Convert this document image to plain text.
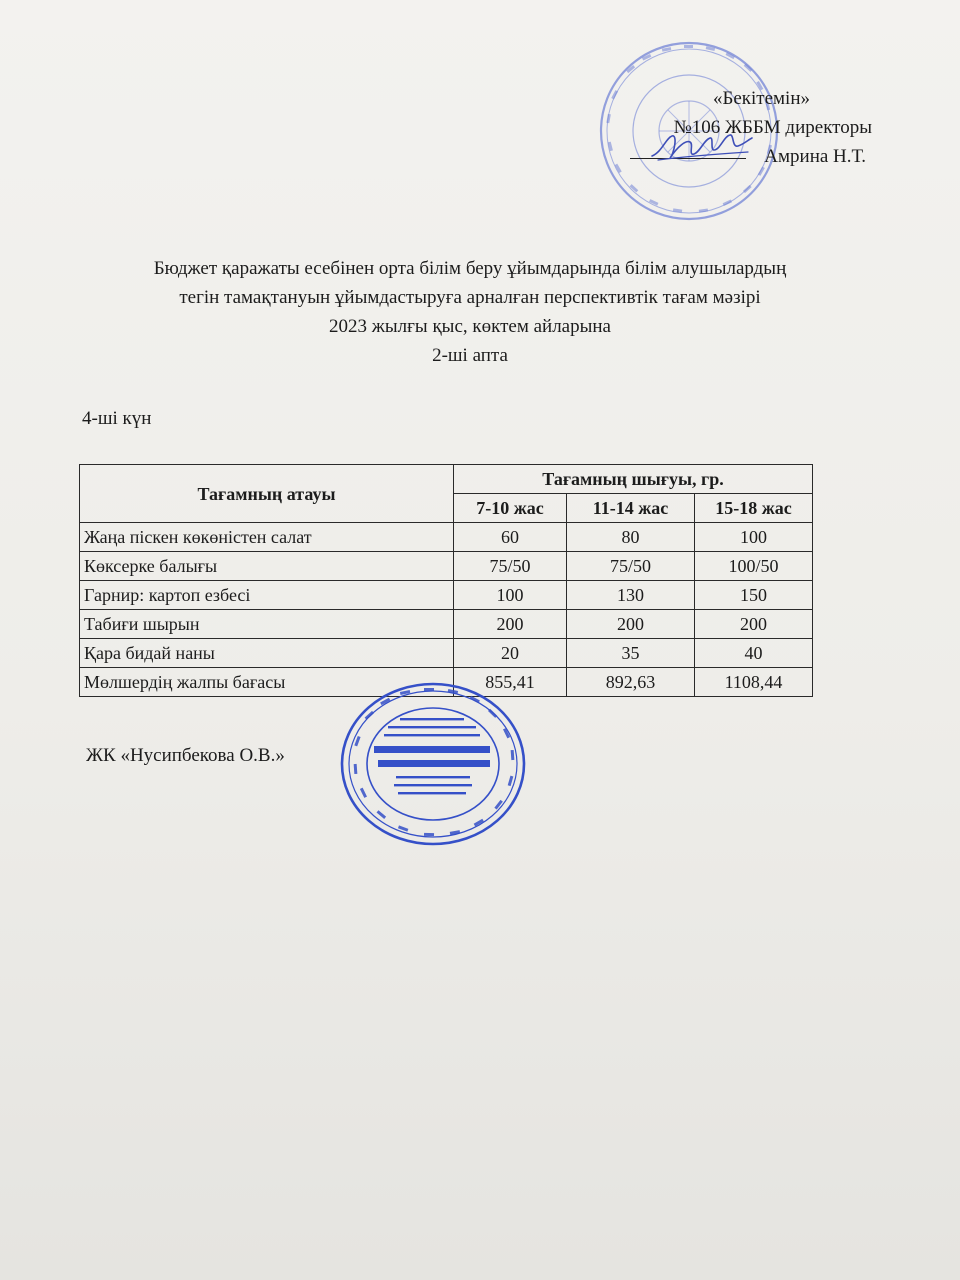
«Бекітемін»
№106 ЖББМ директоры
Амрина Н.Т.
Бюджет қаражаты есебінен орта білім беру ұйымдарында білім алушылардың
тегін тамақтануын ұйымдастыруға арналған перспективтік тағам мәзірі
2023 жылғы қыс, көктем айларына
2-ші апта
4-ші күн
Тағамның атауы	Тағамның шығуы, гр.		
	7-10 жас	11-14 жас	15-18 жас
Жаңа піскен көкөністен салат	60	80	100
Көксерке балығы	75/50	75/50	100/50
Гарнир: картоп езбесі	100	130	150
Табиғи шырын	200	200	200
Қара бидай наны	20	35	40
Мөлшердің жалпы бағасы	855,41	892,63	1108,44
ЖК «Нусипбекова О.В.»
